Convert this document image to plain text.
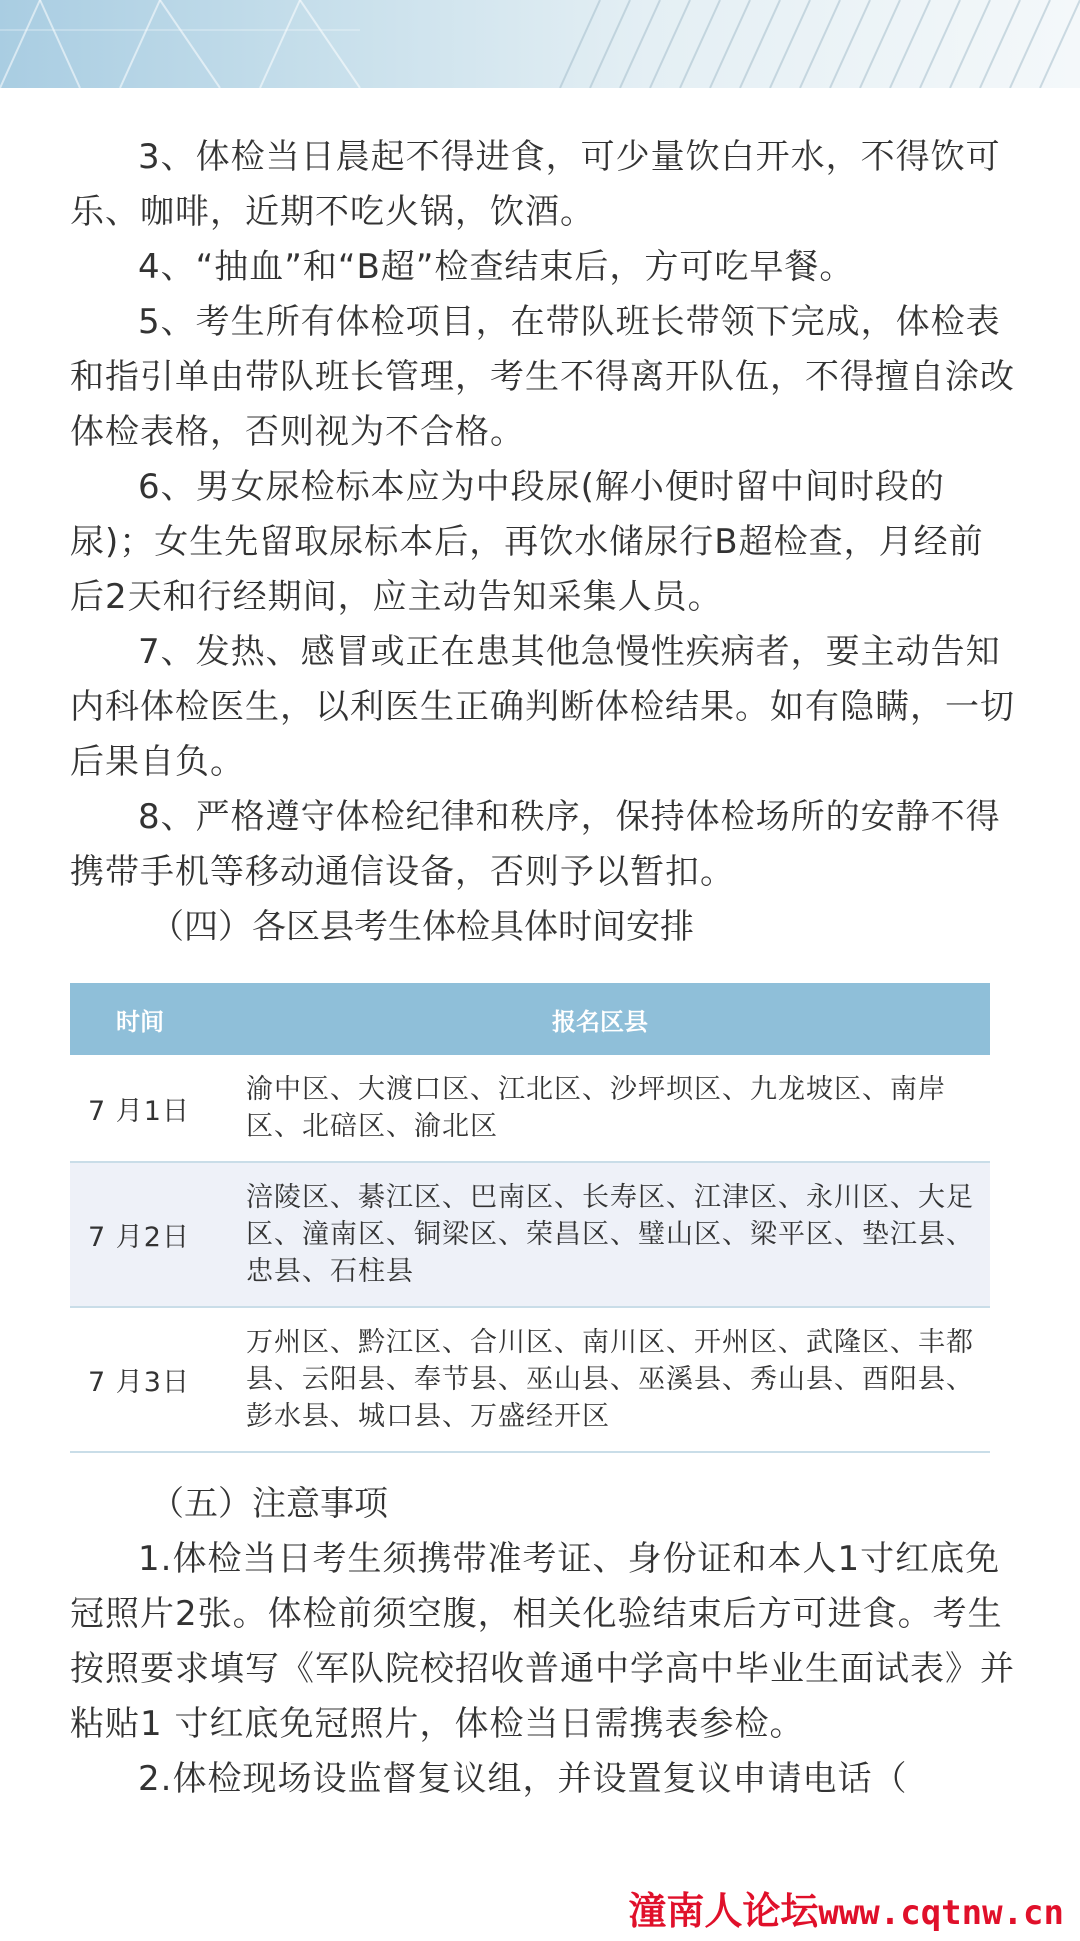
3、体检当日晨起不得进食，可少量饮白开水，不得饮可乐、咖啡，近期不吃火锅，饮酒。

4、“抽血”和“B超”检查结束后，方可吃早餐。

5、考生所有体检项目，在带队班长带领下完成，体检表和指引单由带队班长管理，考生不得离开队伍，不得擅自涂改体检表格，否则视为不合格。

6、男女尿检标本应为中段尿(解小便时留中间时段的尿)；女生先留取尿标本后，再饮水储尿行B超检查，月经前后2天和行经期间，应主动告知采集人员。

7、发热、感冒或正在患其他急慢性疾病者，要主动告知内科体检医生，以利医生正确判断体检结果。如有隐瞒，一切后果自负。

8、严格遵守体检纪律和秩序，保持体检场所的安静不得携带手机等移动通信设备，否则予以暂扣。

（四）各区县考生体检具体时间安排

时间	报名区县
7 月1日
渝中区、大渡口区、江北区、沙坪坝区、九龙坡区、南岸区、北碚区、渝北区
7 月2日
涪陵区、綦江区、巴南区、长寿区、江津区、永川区、大足区、潼南区、铜梁区、荣昌区、璧山区、梁平区、垫江县、忠县、石柱县
7 月3日
万州区、黔江区、合川区、南川区、开州区、武隆区、丰都县、云阳县、奉节县、巫山县、巫溪县、秀山县、酉阳县、彭水县、城口县、万盛经开区

（五）注意事项

1.体检当日考生须携带准考证、身份证和本人1寸红底免冠照片2张。体检前须空腹，相关化验结束后方可进食。考生按照要求填写《军队院校招收普通中学高中毕业生面试表》并粘贴1 寸红底免冠照片，体检当日需携表参检。

2.体检现场设监督复议组，并设置复议申请电话（

潼南人论坛www.cqtnw.cn
